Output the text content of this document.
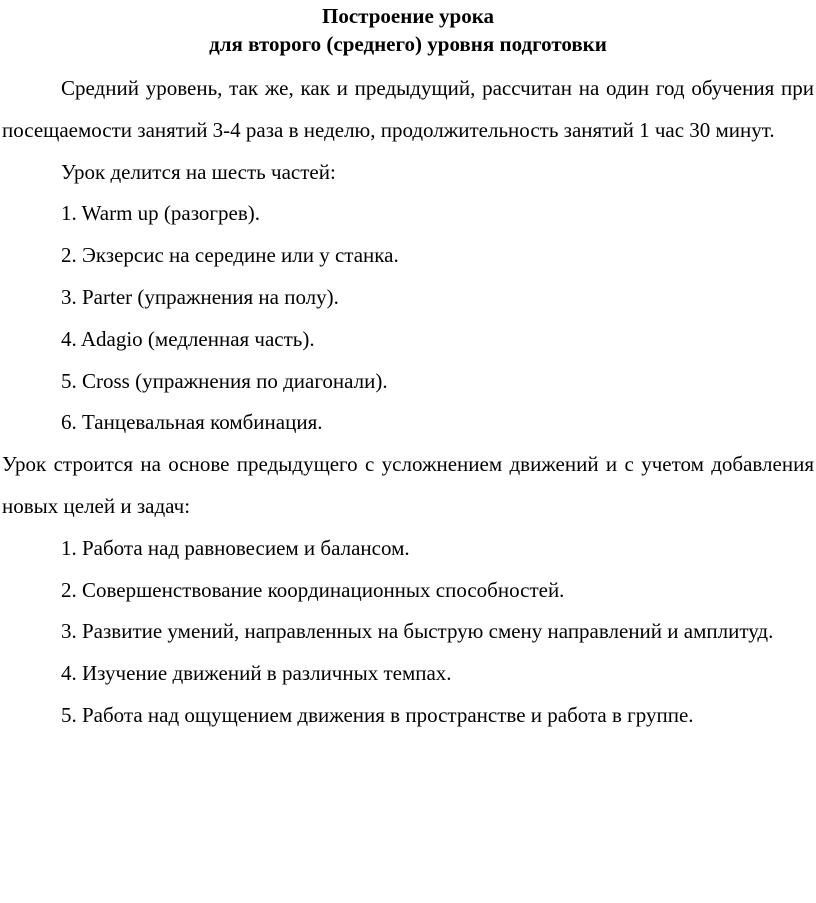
Построение урока
для второго (среднего) уровня подготовки

Средний уровень, так же, как и предыдущий, рассчитан на один год обучения при посещаемости занятий 3-4 раза в неделю, продолжительность занятий 1 час 30 минут.

Урок делится на шесть частей:

1. Warm up (разогрев).

2. Экзерсис на середине или у станка.

3. Parter (упражнения на полу).

4. Adagio (медленная часть).

5. Cross (упражнения по диагонали).

6. Танцевальная комбинация.

Урок строится на основе предыдущего с усложнением движений и с учетом добавления новых целей и задач:

1. Работа над равновесием и балансом.

2. Совершенствование координационных способностей.

3. Развитие умений, направленных на быструю смену направлений и амплитуд.

4. Изучение движений в различных темпах.

5. Работа над ощущением движения в пространстве и работа в группе.
